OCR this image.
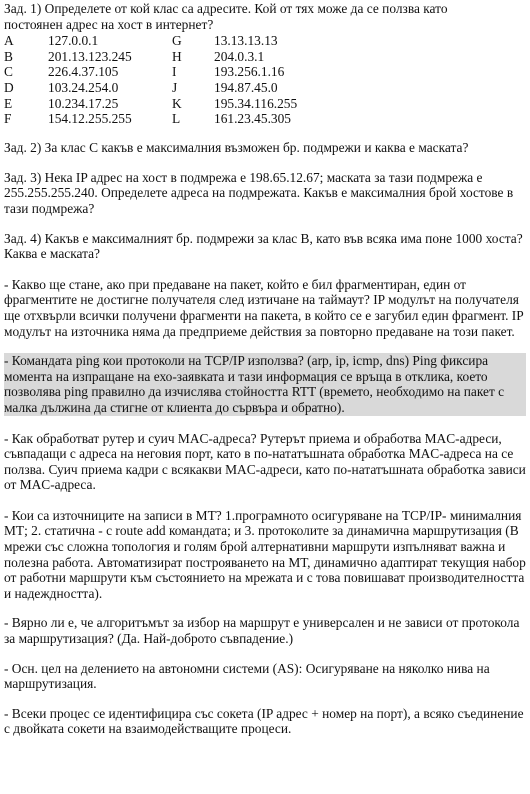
Зад. 1) Определете от кой клас са адресите. Кой от тях може да се ползва като

постоянен адрес на хост в интернет?

A	127.0.0.1	G 13.13.13.13
B	201.13.123.245	H 204.0.3.1
C	226.4.37.105	I	193.256.1.16
D	103.24.254.0	J	194.87.45.0
E	10.234.17.25	K 195.34.116.255
F	154.12.255.255	L	161.23.45.305

Зад. 2) За клас С какъв е максималния възможен бр. подмрежи и каква е маската?

Зад. 3) Нека IP адрес на хост в подмрежа е 198.65.12.67; маската за тази подмрежа е 255.255.255.240. Определете адреса на подмрежата. Какъв е максималния брой хостове в тази подмрежа?

Зад. 4) Какъв е максималният бр. подмрежи за клас B, като във всяка има поне 1000 хоста? Каква е маската?

- Какво ще стане, ако при предаване на пакет, който е бил фрагментиран, един от фрагментите не достигне получателя след изтичане на таймаут? IP модулът на получателя ще отхвърли всички получени фрагменти на пакета, в който се е загубил един фрагмент. IP модулът на източника няма да предприеме действия за повторно предаване на този пакет.

- Командата ping кои протоколи на TCP/IP използва? (arp, ip, icmp, dns) Ping фиксира момента на изпращане на ехо-заявката и тази информация се връща в отклика, което позволява ping правилно да изчислява стойността RTT (времето, необходимо на пакет с малка дължина да стигне от клиента до сървъра и обратно).

- Как обработват рутер и суич MAC-адреса? Рутерът приема и обработва MAC-адреси, съвпадащи с адреса на неговия порт, като в по-нататъшната обработка MAC-адреса на се ползва. Суич приема кадри с всякакви MAC-адреси, като по-нататъшната обработка зависи от MAC-адреса.

- Кои са източниците на записи в МТ? 1.програмното осигуряване на TCP/IP- минималния МТ; 2. статична - с route add командата; и 3. протоколите за динамична маршрутизация (В мрежи със сложна топология и голям брой алтернативни маршрути изпълняват важна и полезна работа. Автоматизират построяването на МТ, динамично адаптират текущия набор от работни маршрути към състоянието на мрежата и с това повишават производителността и надеждността).

- Вярно ли е, че алгоритъмът за избор на маршрут е универсален и не зависи от протокола за маршрутизация? (Да. Най-доброто съвпадение.)

- Осн. цел на делението на автономни системи (AS): Осигуряване на няколко нива на маршрутизация.

- Всеки процес се идентифицира със сокета (IP адрес + номер на порт), а всяко съединение с двойката сокети на взаимодействащите процеси.
